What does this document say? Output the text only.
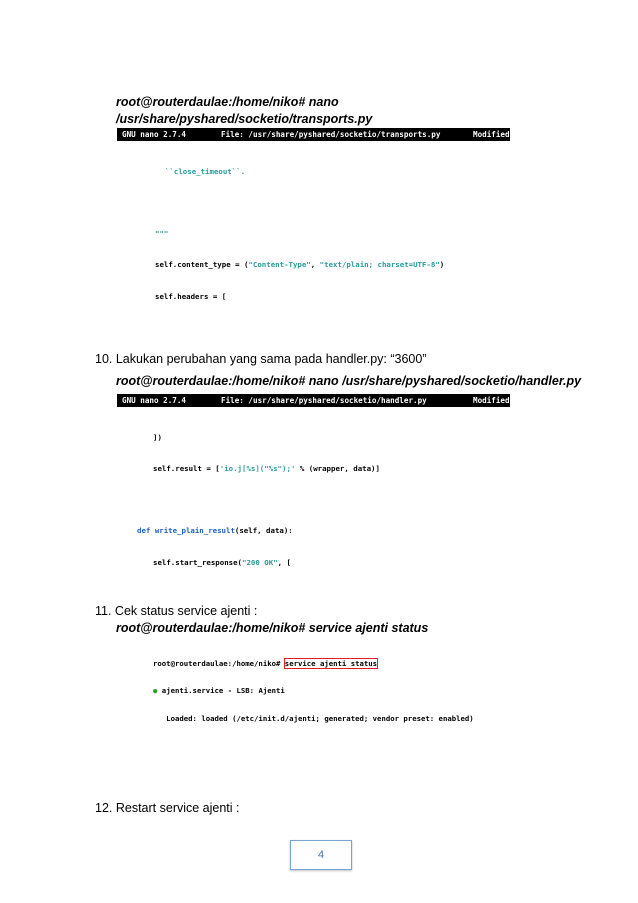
root@routerdaulae:/home/niko# nano

/usr/share/pyshared/socketio/transports.py

GNU nano 2.7.4

	File: /usr/share/pyshared/socketio/transports.py

	Modified

``close_timeout``.

"""

self.content_type = ("Content-Type", "text/plain; charset=UTF-8")

self.headers = [

10. Lakukan perubahan yang sama pada handler.py: “3600”

root@routerdaulae:/home/niko# nano /usr/share/pyshared/socketio/handler.py

GNU nano 2.7.4

	File: /usr/share/pyshared/socketio/handler.py

	Modified

])

self.result = ['io.j[%s]("%s");' % (wrapper, data)]

def write_plain_result(self, data):

self.start_response("200 OK", [

11. Cek status service ajenti :

root@routerdaulae:/home/niko# service ajenti status

root@routerdaulae:/home/niko# service ajenti status

● ajenti.service - LSB: Ajenti

Loaded: loaded (/etc/init.d/ajenti; generated; vendor preset: enabled)

12. Restart service ajenti :

4
